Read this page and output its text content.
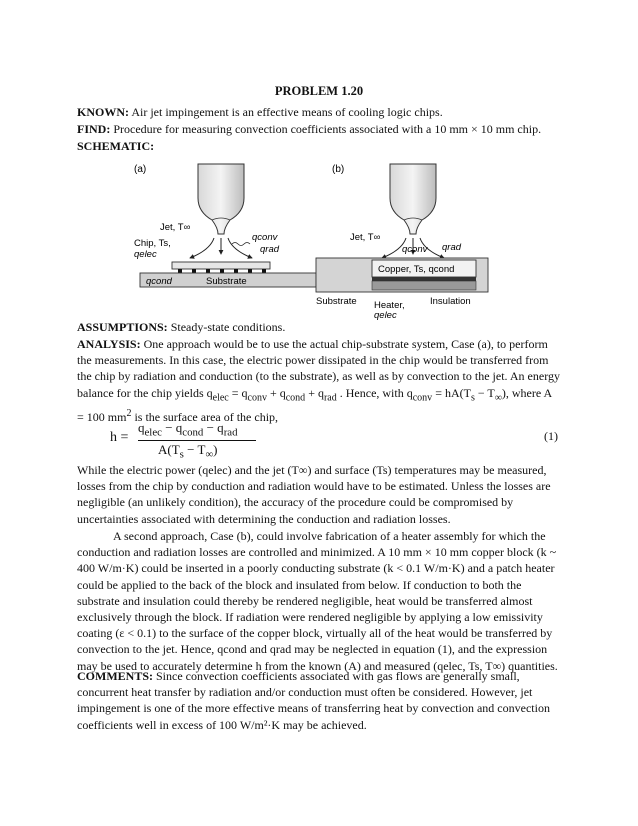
PROBLEM 1.20

KNOWN: Air jet impingement is an effective means of cooling logic chips.

FIND: Procedure for measuring convection coefficients associated with a 10 mm × 10 mm chip.

SCHEMATIC:

(a)
Jet, T∞
Chip, Ts,
qelec
qconv
qrad
qcond	Substrate
(b)
Jet, T∞
qconv qrad
Copper, Ts, qcond
Substrate Heater,
qelec
Insulation

ASSUMPTIONS: Steady-state conditions.

ANALYSIS: One approach would be to use the actual chip-substrate system, Case (a), to perform the measurements. In this case, the electric power dissipated in the chip would be transferred from the chip by radiation and conduction (to the substrate), as well as by convection to the jet. An energy balance for the chip yields $q_{elec} = q_{conv} + q_{cond} + q_{rad}$ . Hence, with $q_{conv} = hA(T_s - T_\infty)$, where A = 100 $mm^2$ is the surface area of the chip,

h =
$q_{elec} - q_{cond} - q_{rad}$
$A(T_s - T_\infty)$
(1)

While the electric power (qelec) and the jet (T∞) and surface (Ts) temperatures may be measured, losses from the chip by conduction and radiation would have to be estimated. Unless the losses are negligible (an unlikely condition), the accuracy of the procedure could be compromised by uncertainties associated with determining the conduction and radiation losses.

A second approach, Case (b), could involve fabrication of a heater assembly for which the conduction and radiation losses are controlled and minimized. A 10 mm × 10 mm copper block (k ~ 400 W/m·K) could be inserted in a poorly conducting substrate (k < 0.1 W/m·K) and a patch heater could be applied to the back of the block and insulated from below. If conduction to both the substrate and insulation could thereby be rendered negligible, heat would be transferred almost exclusively through the block. If radiation were rendered negligible by applying a low emissivity coating (ε < 0.1) to the surface of the copper block, virtually all of the heat would be transferred by convection to the jet. Hence, qcond and qrad may be neglected in equation (1), and the expression may be used to accurately determine h from the known (A) and measured (qelec, Ts, T∞) quantities.

COMMENTS: Since convection coefficients associated with gas flows are generally small, concurrent heat transfer by radiation and/or conduction must often be considered. However, jet impingement is one of the more effective means of transferring heat by convection and convection coefficients well in excess of 100 W/m²·K may be achieved.
